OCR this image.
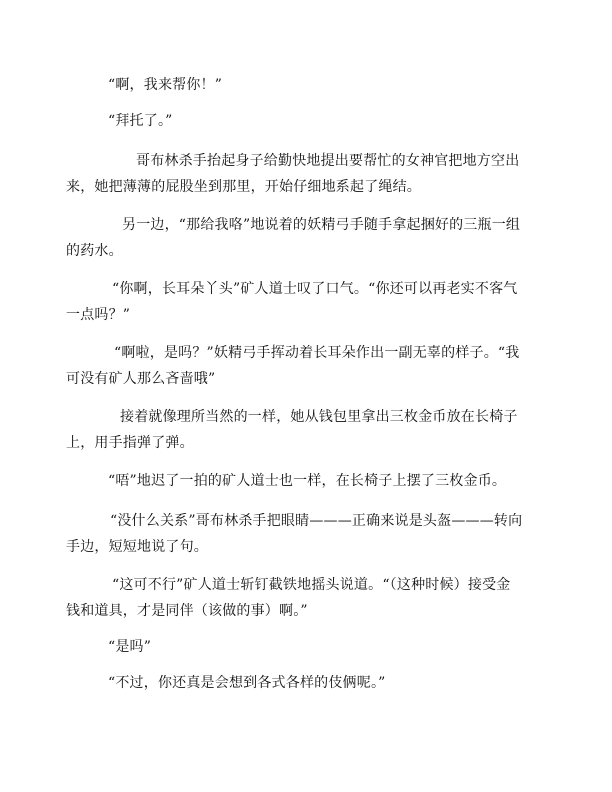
“啊，我来帮你！”
“拜托了。”
哥布林杀手抬起身子给勤快地提出要帮忙的女神官把地方空出
来，她把薄薄的屁股坐到那里，开始仔细地系起了绳结。
另一边，“那给我咯”地说着的妖精弓手随手拿起捆好的三瓶一组
的药水。
“你啊，长耳朵丫头”矿人道士叹了口气。“你还可以再老实不客气
一点吗？”
“啊啦，是吗？”妖精弓手挥动着长耳朵作出一副无辜的样子。“我
可没有矿人那么吝啬哦”
接着就像理所当然的一样，她从钱包里拿出三枚金币放在长椅子
上，用手指弹了弹。
“唔”地迟了一拍的矿人道士也一样，在长椅子上摆了三枚金币。
“没什么关系”哥布林杀手把眼睛———正确来说是头盔———转向
手边，短短地说了句。
“这可不行”矿人道士斩钉截铁地摇头说道。“（这种时候）接受金
钱和道具，才是同伴（该做的事）啊。”
“是吗”
“不过，你还真是会想到各式各样的伎俩呢。”
